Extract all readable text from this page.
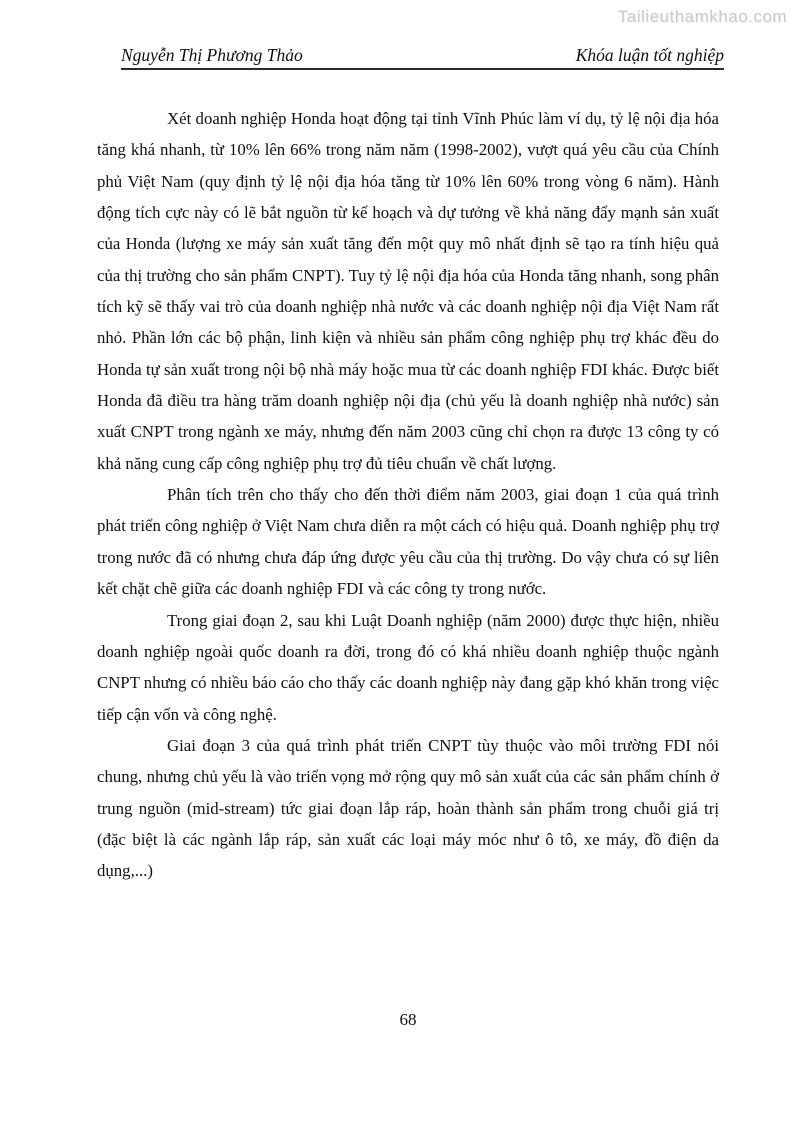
Tailieuthamkhao.com
Nguyễn Thị Phương Thảo	Khóa luận tốt nghiệp

Xét doanh nghiệp Honda hoạt động tại tỉnh Vĩnh Phúc làm ví dụ, tỷ lệ nội địa hóa tăng khá nhanh, từ 10% lên 66% trong năm năm (1998-2002), vượt quá yêu cầu của Chính phủ Việt Nam (quy định tỷ lệ nội địa hóa tăng từ 10% lên 60% trong vòng 6 năm). Hành động tích cực này có lẽ bắt nguồn từ kế hoạch và dự tưởng về khả năng đẩy mạnh sản xuất của Honda (lượng xe máy sản xuất tăng đến một quy mô nhất định sẽ tạo ra tính hiệu quả của thị trường cho sản phẩm CNPT). Tuy tỷ lệ nội địa hóa của Honda tăng nhanh, song phân tích kỹ sẽ thấy vai trò của doanh nghiệp nhà nước và các doanh nghiệp nội địa Việt Nam rất nhỏ. Phần lớn các bộ phận, linh kiện và nhiều sản phẩm công nghiệp phụ trợ khác đều do Honda tự sản xuất trong nội bộ nhà máy hoặc mua từ các doanh nghiệp FDI khác. Được biết Honda đã điều tra hàng trăm doanh nghiệp nội địa (chủ yếu là doanh nghiệp nhà nước) sản xuất CNPT trong ngành xe máy, nhưng đến năm 2003 cũng chỉ chọn ra được 13 công ty có khả năng cung cấp công nghiệp phụ trợ đủ tiêu chuẩn về chất lượng.

Phân tích trên cho thấy cho đến thời điểm năm 2003, giai đoạn 1 của quá trình phát triển công nghiệp ở Việt Nam chưa diễn ra một cách có hiệu quả. Doanh nghiệp phụ trợ trong nước đã có nhưng chưa đáp ứng được yêu cầu của thị trường. Do vậy chưa có sự liên kết chặt chẽ giữa các doanh nghiệp FDI và các công ty trong nước.

Trong giai đoạn 2, sau khi Luật Doanh nghiệp (năm 2000) được thực hiện, nhiều doanh nghiệp ngoài quốc doanh ra đời, trong đó có khá nhiều doanh nghiệp thuộc ngành CNPT nhưng có nhiều báo cáo cho thấy các doanh nghiệp này đang gặp khó khăn trong việc tiếp cận vốn và công nghệ.

Giai đoạn 3 của quá trình phát triển CNPT tùy thuộc vào môi trường FDI nói chung, nhưng chủ yếu là vào triển vọng mở rộng quy mô sản xuất của các sản phẩm chính ở trung nguồn (mid-stream) tức giai đoạn lắp ráp, hoàn thành sản phẩm trong chuỗi giá trị (đặc biệt là các ngành lắp ráp, sản xuất các loại máy móc như ô tô, xe máy, đồ điện da dụng,...)

68
